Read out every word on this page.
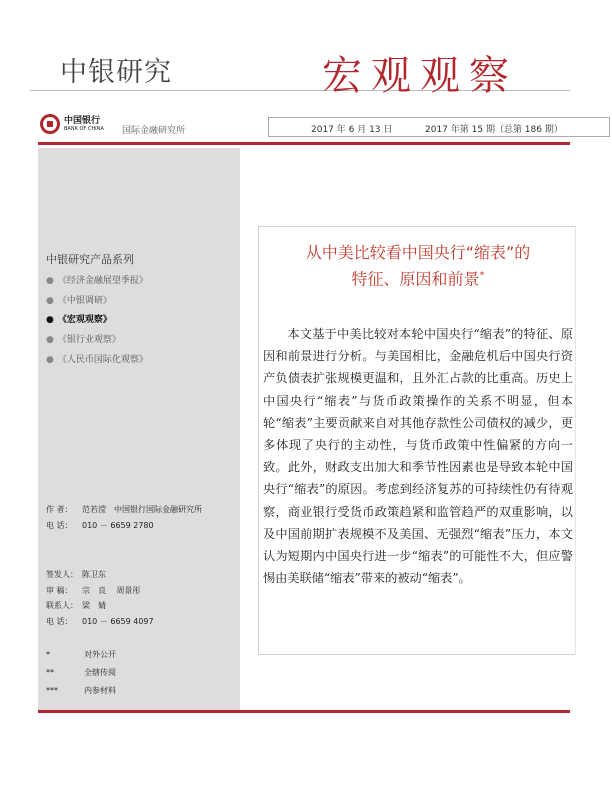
中银研究	宏观观察
中国银行
BANK OF CHINA 国际金融研究所	2017 年 6 月 13 日	2017 年第 15 期（总第 186 期）
中银研究产品系列
● 《经济金融展望季报》
● 《中银调研》
● 《宏观观察》
● 《银行业观察》
● 《人民币国际化观察》
作 者： 范若滢　中国银行国际金融研究所
电 话： 010 － 6659 2780
签发人： 陈卫东
审 稿： 宗　良　 周景彤
联系人： 梁　婧
电 话： 010 － 6659 4097
*	对外公开
**	全辖传阅
***	内参材料
从中美比较看中国央行“缩表”的
特征、原因和前景*

本文基于中美比较对本轮中国央行“缩表”的特征、原因和前景进行分析。与美国相比，金融危机后中国央行资产负债表扩张规模更温和，且外汇占款的比重高。历史上中国央行“缩表”与货币政策操作的关系不明显，但本轮“缩表”主要贡献来自对其他存款性公司债权的减少，更多体现了央行的主动性，与货币政策中性偏紧的方向一致。此外，财政支出加大和季节性因素也是导致本轮中国央行“缩表”的原因。考虑到经济复苏的可持续性仍有待观察，商业银行受货币政策趋紧和监管趋严的双重影响，以及中国前期扩表规模不及美国、无强烈“缩表”压力，本文认为短期内中国央行进一步“缩表”的可能性不大，但应警惕由美联储“缩表”带来的被动“缩表”。
